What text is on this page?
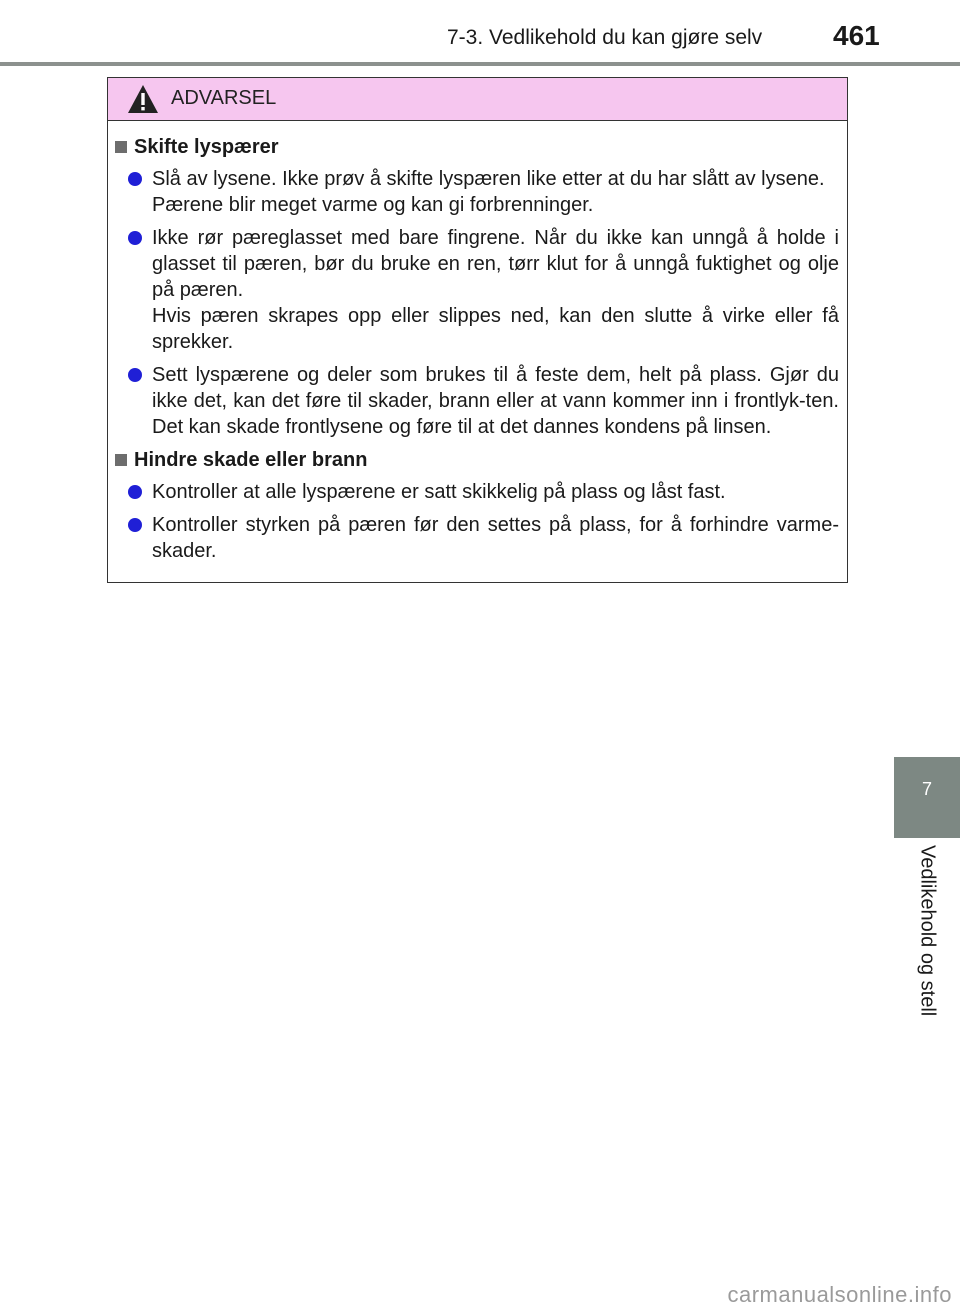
7-3. Vedlikehold du kan gjøre selv	461
ADVARSEL
Skifte lyspærer
Slå av lysene. Ikke prøv å skifte lyspæren like etter at du har slått av lysene.
Pærene blir meget varme og kan gi forbrenninger.
Ikke rør pæreglasset med bare fingrene. Når du ikke kan unngå å holde i glasset til pæren, bør du bruke en ren, tørr klut for å unngå fuktighet og olje på pæren.
Hvis pæren skrapes opp eller slippes ned, kan den slutte å virke eller få sprekker.
Sett lyspærene og deler som brukes til å feste dem, helt på plass. Gjør du ikke det, kan det føre til skader, brann eller at vann kommer inn i frontlyk-ten. Det kan skade frontlysene og føre til at det dannes kondens på linsen.
Hindre skade eller brann
Kontroller at alle lyspærene er satt skikkelig på plass og låst fast.
Kontroller styrken på pæren før den settes på plass, for å forhindre varme-skader.
7
Vedlikehold og stell
carmanualsonline.info
